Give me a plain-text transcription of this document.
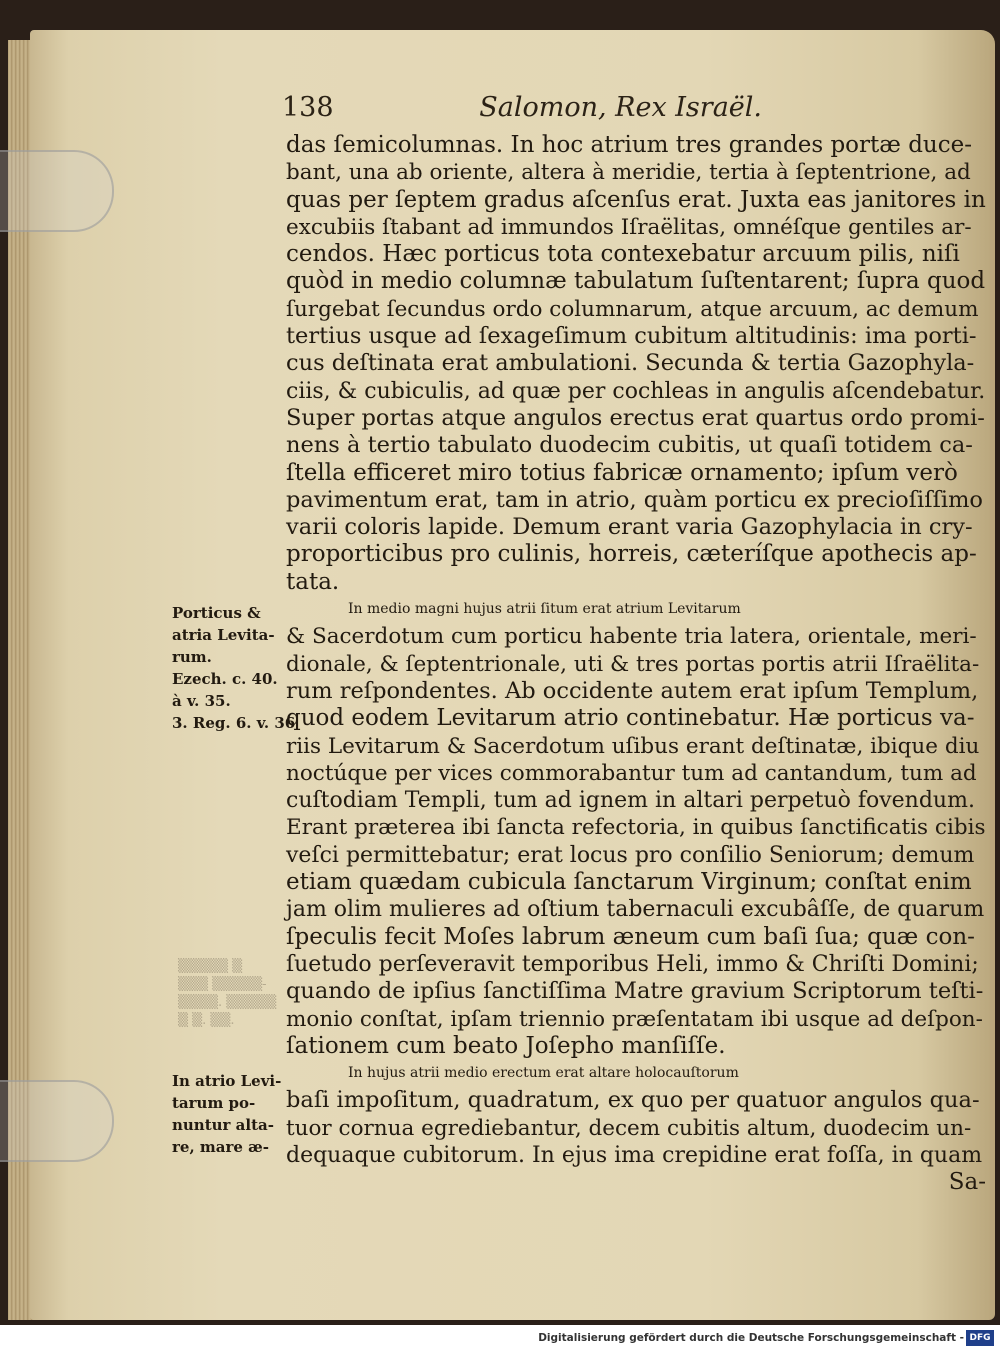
138	Salomon, Rex Israël.
das ſemicolumnas. In hoc atrium tres grandes portæ duce-
bant, una ab oriente, altera à meridie, tertia à ſeptentrione, ad
quas per ſeptem gradus aſcenſus erat. Juxta eas janitores in
excubiis ſtabant ad immundos Iſraëlitas, omnéſque gentiles ar-
cendos. Hæc porticus tota contexebatur arcuum pilis, niſi
quòd in medio columnæ tabulatum ſuſtentarent; ſupra quod
ſurgebat ſecundus ordo columnarum, atque arcuum, ac demum
tertius usque ad ſexageſimum cubitum altitudinis: ima porti-
cus deſtinata erat ambulationi. Secunda & tertia Gazophyla-
ciis, & cubiculis, ad quæ per cochleas in angulis aſcendebatur.
Super portas atque angulos erectus erat quartus ordo promi-
nens à tertio tabulato duodecim cubitis, ut quaſi totidem ca-
ſtella efficeret miro totius fabricæ ornamento; ipſum verò
pavimentum erat, tam in atrio, quàm porticu ex precioſiſſimo
varii coloris lapide. Demum erant varia Gazophylacia in cry-
proporticibus pro culinis, horreis, cæteríſque apothecis ap-
tata.
In medio magni hujus atrii ſitum erat atrium Levitarum
& Sacerdotum cum porticu habente tria latera, orientale, meri-
dionale, & ſeptentrionale, uti & tres portas portis atrii Iſraëlita-
rum reſpondentes. Ab occidente autem erat ipſum Templum,
quod eodem Levitarum atrio continebatur. Hæ porticus va-
riis Levitarum & Sacerdotum uſibus erant deſtinatæ, ibique diu
noctúque per vices commorabantur tum ad cantandum, tum ad
cuſtodiam Templi, tum ad ignem in altari perpetuò fovendum.
Erant præterea ibi ſancta refectoria, in quibus ſanctificatis cibis
veſci permittebatur; erat locus pro conſilio Seniorum; demum
etiam quædam cubicula ſanctarum Virginum; conſtat enim
jam olim mulieres ad oſtium tabernaculi excubâſſe, de quarum
ſpeculis fecit Moſes labrum æneum cum baſi ſua; quæ con-
ſuetudo perſeveravit temporibus Heli, immo & Chriſti Domini;
quando de ipſius ſanctiſſima Matre gravium Scriptorum teſti-
monio conſtat, ipſam triennio præſentatam ibi usque ad deſpon-
ſationem cum beato Joſepho manſiſſe.
In hujus atrii medio erectum erat altare holocauſtorum
baſi impoſitum, quadratum, ex quo per quatuor angulos qua-
tuor cornua egrediebantur, decem cubitis altum, duodecim un-
dequaque cubitorum. In ejus ima crepidine erat foſſa, in quam
Sa-
Porticus &
atria Levita-
rum.
Ezech. c. 40.
à v. 35.
3. Reg. 6. v. 36
▒▒▒▒▒ ▒
▒▒▒ ▒▒▒▒▒-
▒▒▒▒. ▒▒▒▒▒
▒ ▒. ▒▒.
In atrio Levi-
tarum po-
nuntur alta-
re, mare æ-
Digitalisierung gefördert durch die Deutsche Forschungsgemeinschaft - DFG
